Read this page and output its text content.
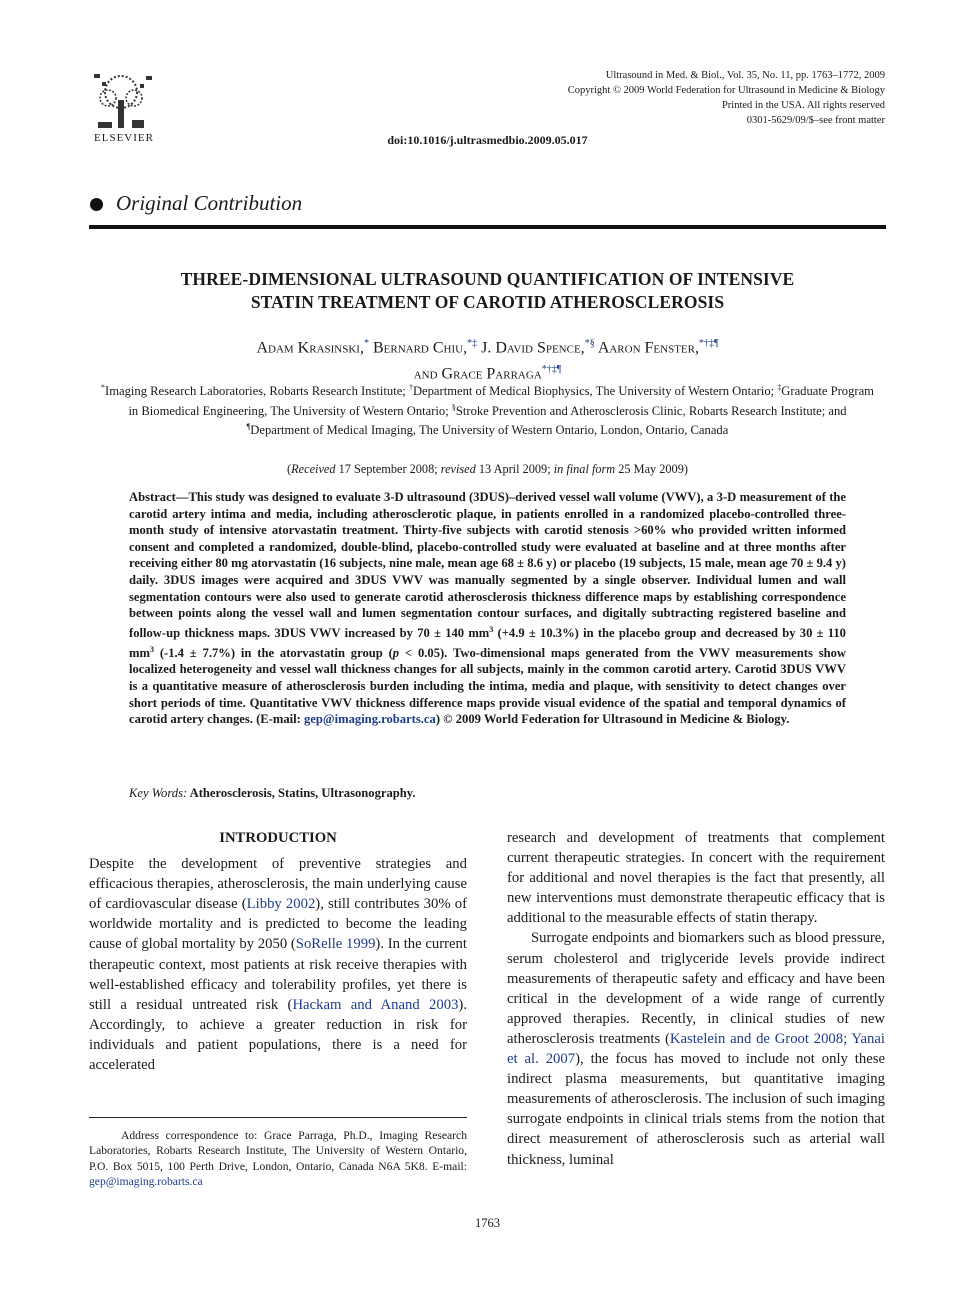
ELSEVIER
Ultrasound in Med. & Biol., Vol. 35, No. 11, pp. 1763–1772, 2009
Copyright © 2009 World Federation for Ultrasound in Medicine & Biology
Printed in the USA. All rights reserved
0301-5629/09/$–see front matter
doi:10.1016/j.ultrasmedbio.2009.05.017
Original Contribution
THREE-DIMENSIONAL ULTRASOUND QUANTIFICATION OF INTENSIVE
STATIN TREATMENT OF CAROTID ATHEROSCLEROSIS
Adam Krasinski,* Bernard Chiu,*‡ J. David Spence,*§ Aaron Fenster,*†‡¶
and Grace Parraga*†‡¶
*Imaging Research Laboratories, Robarts Research Institute; †Department of Medical Biophysics, The University of Western Ontario; ‡Graduate Program in Biomedical Engineering, The University of Western Ontario; §Stroke Prevention and Atherosclerosis Clinic, Robarts Research Institute; and ¶Department of Medical Imaging, The University of Western Ontario, London, Ontario, Canada
(Received 17 September 2008; revised 13 April 2009; in final form 25 May 2009)
Abstract—This study was designed to evaluate 3-D ultrasound (3DUS)–derived vessel wall volume (VWV), a 3-D measurement of the carotid artery intima and media, including atherosclerotic plaque, in patients enrolled in a randomized placebo-controlled three-month study of intensive atorvastatin treatment. Thirty-five subjects with carotid stenosis >60% who provided written informed consent and completed a randomized, double-blind, placebo-controlled study were evaluated at baseline and at three months after receiving either 80 mg atorvastatin (16 subjects, nine male, mean age 68 ± 8.6 y) or placebo (19 subjects, 15 male, mean age 70 ± 9.4 y) daily. 3DUS images were acquired and 3DUS VWV was manually segmented by a single observer. Individual lumen and wall segmentation contours were also used to generate carotid atherosclerosis thickness difference maps by establishing correspondence between points along the vessel wall and lumen segmentation contour surfaces, and digitally subtracting registered baseline and follow-up thickness maps. 3DUS VWV increased by 70 ± 140 $mm^3$ (+4.9 ± 10.3%) in the placebo group and decreased by 30 ± 110 $mm^3$ (-1.4 ± 7.7%) in the atorvastatin group (p < 0.05). Two-dimensional maps generated from the VWV measurements show localized heterogeneity and vessel wall thickness changes for all subjects, mainly in the common carotid artery. Carotid 3DUS VWV is a quantitative measure of atherosclerosis burden including the intima, media and plaque, with sensitivity to detect changes over short periods of time. Quantitative VWV thickness difference maps provide visual evidence of the spatial and temporal dynamics of carotid artery changes. (E-mail: gep@imaging.robarts.ca) © 2009 World Federation for Ultrasound in Medicine & Biology.
Key Words: Atherosclerosis, Statins, Ultrasonography.
INTRODUCTION

Despite the development of preventive strategies and efficacious therapies, atherosclerosis, the main underlying cause of cardiovascular disease (Libby 2002), still contributes 30% of worldwide mortality and is predicted to become the leading cause of global mortality by 2050 (SoRelle 1999). In the current therapeutic context, most patients at risk receive therapies with well-established efficacy and tolerability profiles, yet there is still a residual untreated risk (Hackam and Anand 2003). Accordingly, to achieve a greater reduction in risk for individuals and patient populations, there is a need for accelerated

research and development of treatments that complement current therapeutic strategies. In concert with the requirement for additional and novel therapies is the fact that presently, all new interventions must demonstrate therapeutic efficacy that is additional to the measurable effects of statin therapy.

Surrogate endpoints and biomarkers such as blood pressure, serum cholesterol and triglyceride levels provide indirect measurements of therapeutic safety and efficacy and have been critical in the development of a wide range of currently approved therapies. Recently, in clinical studies of new atherosclerosis treatments (Kastelein and de Groot 2008; Yanai et al. 2007), the focus has moved to include not only these indirect plasma measurements, but quantitative imaging measurements of atherosclerosis. The inclusion of such imaging surrogate endpoints in clinical trials stems from the notion that direct measurement of atherosclerosis such as arterial wall thickness, luminal

Address correspondence to: Grace Parraga, Ph.D., Imaging Research Laboratories, Robarts Research Institute, The University of Western Ontario, P.O. Box 5015, 100 Perth Drive, London, Ontario, Canada N6A 5K8. E-mail: gep@imaging.robarts.ca
1763
